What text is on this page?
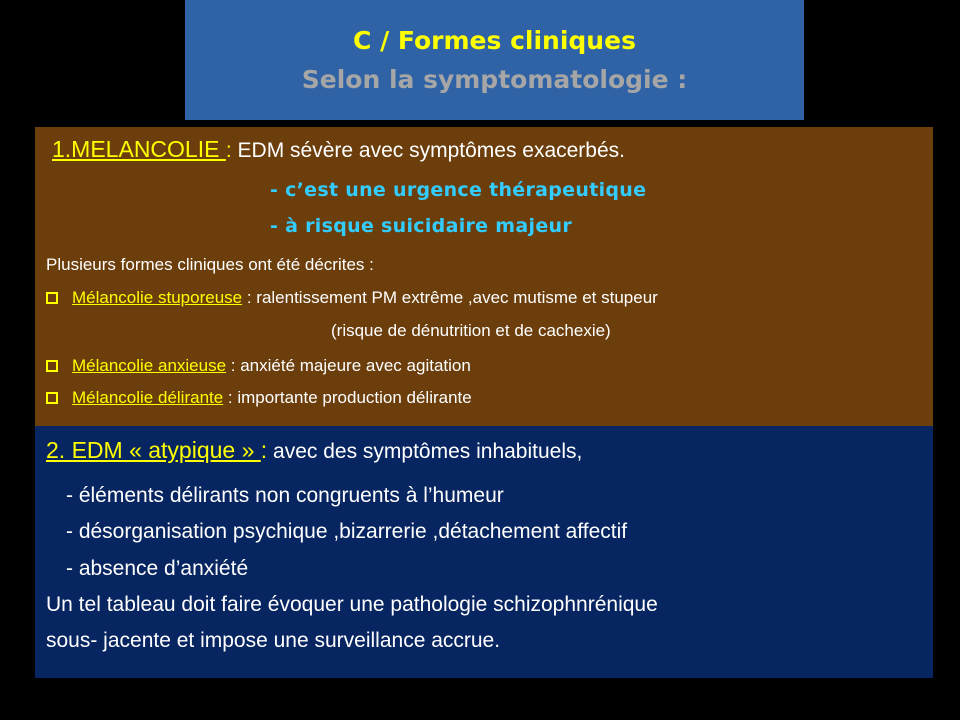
C / Formes cliniques
Selon la symptomatologie :
1.MELANCOLIE : EDM sévère avec symptômes exacerbés.
- c’est une urgence thérapeutique
- à risque suicidaire majeur
Plusieurs formes cliniques ont été décrites :
Mélancolie stuporeuse : ralentissement PM extrême ,avec mutisme et stupeur
(risque de dénutrition et de cachexie)
Mélancolie anxieuse : anxiété majeure avec agitation
Mélancolie délirante : importante production délirante
2. EDM « atypique » : avec des symptômes inhabituels,
- éléments délirants non congruents à l’humeur
- désorganisation psychique ,bizarrerie ,détachement affectif
- absence d’anxiété
Un tel tableau doit faire évoquer une pathologie schizophnrénique
sous- jacente et impose une surveillance accrue.
